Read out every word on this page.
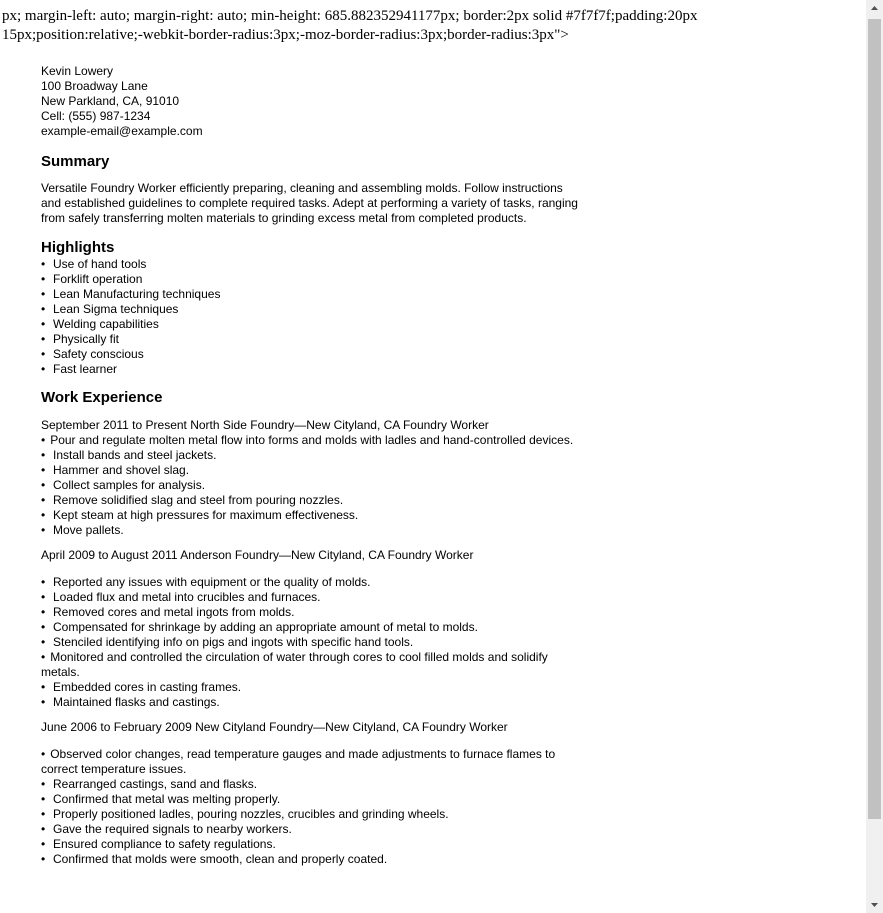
px; margin-left: auto; margin-right: auto; min-height: 685.882352941177px; border:2px solid #7f7f7f;padding:20px
15px;position:relative;-webkit-border-radius:3px;-moz-border-radius:3px;border-radius:3px">
Kevin Lowery
100 Broadway Lane
New Parkland, CA, 91010
Cell: (555) 987-1234
example-email@example.com
Summary
Versatile Foundry Worker efficiently preparing, cleaning and assembling molds. Follow instructions and established guidelines to complete required tasks. Adept at performing a variety of tasks, ranging from safely transferring molten materials to grinding excess metal from completed products.
Highlights
• Use of hand tools
• Forklift operation
• Lean Manufacturing techniques
• Lean Sigma techniques
• Welding capabilities
• Physically fit
• Safety conscious
• Fast learner
Work Experience
September 2011 to Present North Side Foundry—New Cityland, CA Foundry Worker
• Pour and regulate molten metal flow into forms and molds with ladles and hand-controlled devices.
• Install bands and steel jackets.
• Hammer and shovel slag.
• Collect samples for analysis.
• Remove solidified slag and steel from pouring nozzles.
• Kept steam at high pressures for maximum effectiveness.
• Move pallets.
April 2009 to August 2011 Anderson Foundry—New Cityland, CA Foundry Worker
• Reported any issues with equipment or the quality of molds.
• Loaded flux and metal into crucibles and furnaces.
• Removed cores and metal ingots from molds.
• Compensated for shrinkage by adding an appropriate amount of metal to molds.
• Stenciled identifying info on pigs and ingots with specific hand tools.
• Monitored and controlled the circulation of water through cores to cool filled molds and solidify metals.
• Embedded cores in casting frames.
• Maintained flasks and castings.
June 2006 to February 2009 New Cityland Foundry—New Cityland, CA Foundry Worker
• Observed color changes, read temperature gauges and made adjustments to furnace flames to correct temperature issues.
• Rearranged castings, sand and flasks.
• Confirmed that metal was melting properly.
• Properly positioned ladles, pouring nozzles, crucibles and grinding wheels.
• Gave the required signals to nearby workers.
• Ensured compliance to safety regulations.
• Confirmed that molds were smooth, clean and properly coated.
